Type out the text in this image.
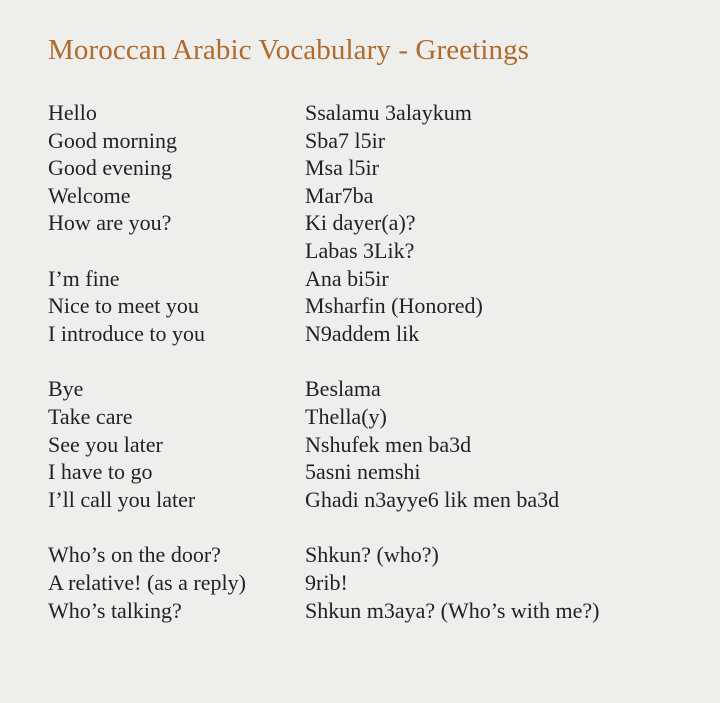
Moroccan Arabic Vocabulary - Greetings
Hello	Ssalamu 3alaykum
Good morning	Sba7 l5ir
Good evening	Msa l5ir
Welcome	Mar7ba
How are you?	Ki dayer(a)?
Labas 3Lik?
I’m fine	Ana bi5ir
Nice to meet you	Msharfin (Honored)
I introduce to you	N9addem lik
Bye	Beslama
Take care	Thella(y)
See you later	Nshufek men ba3d
I have to go	5asni nemshi
I’ll call you later	Ghadi n3ayye6 lik men ba3d
Who’s on the door?	Shkun? (who?)
A relative! (as a reply)	9rib!
Who’s talking?	Shkun m3aya? (Who’s with me?)
